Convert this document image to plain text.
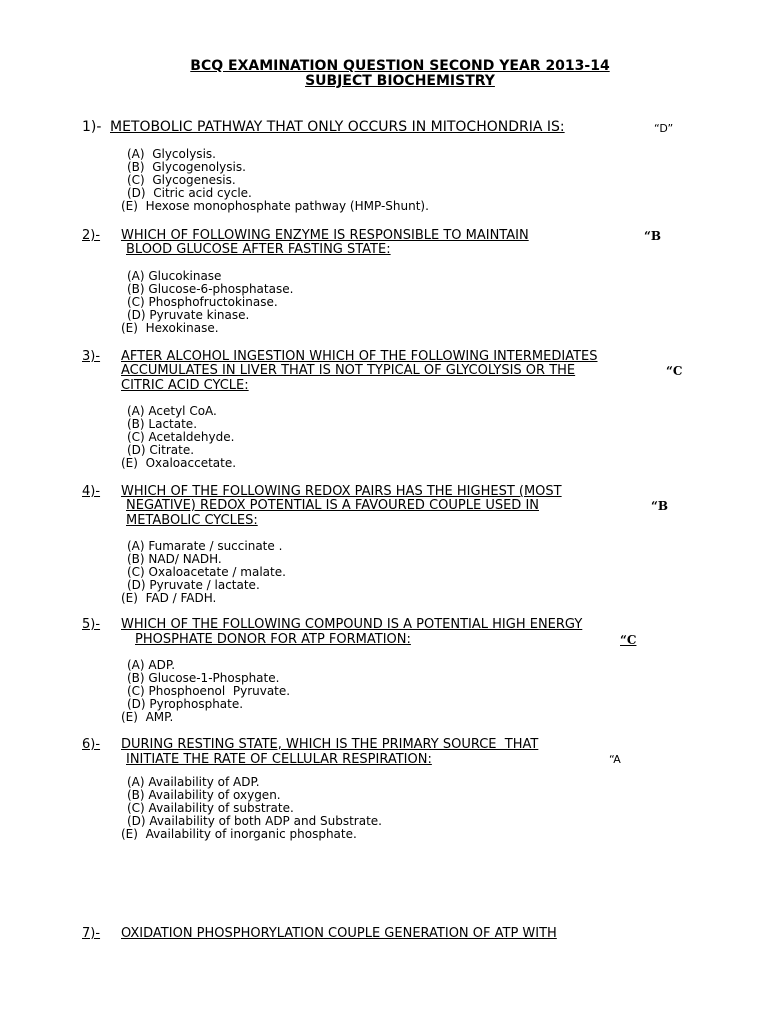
BCQ EXAMINATION QUESTION SECOND YEAR 2013-14
SUBJECT BIOCHEMISTRY
1)- METOBOLIC PATHWAY THAT ONLY OCCURS IN MITOCHONDRIA IS:	“D”
(A)  Glycolysis.
(B)  Glycogenolysis.
(C)  Glycogenesis.
(D)  Citric acid cycle.
(E)  Hexose monophosphate pathway (HMP-Shunt).
2)- WHICH OF FOLLOWING ENZYME IS RESPONSIBLE TO MAINTAIN
BLOOD GLUCOSE AFTER FASTING STATE:
“B
(A) Glucokinase
(B) Glucose-6-phosphatase.
(C) Phosphofructokinase.
(D) Pyruvate kinase.
(E)  Hexokinase.
3)- AFTER ALCOHOL INGESTION WHICH OF THE FOLLOWING INTERMEDIATES
ACCUMULATES IN LIVER THAT IS NOT TYPICAL OF GLYCOLYSIS OR THE
CITRIC ACID CYCLE:
“C
(A) Acetyl CoA.
(B) Lactate.
(C) Acetaldehyde.
(D) Citrate.
(E)  Oxaloaccetate.
4)- WHICH OF THE FOLLOWING REDOX PAIRS HAS THE HIGHEST (MOST
NEGATIVE) REDOX POTENTIAL IS A FAVOURED COUPLE USED IN
METABOLIC CYCLES:
“B
(A) Fumarate / succinate .
(B) NAD/ NADH.
(C) Oxaloacetate / malate.
(D) Pyruvate / lactate.
(E)  FAD / FADH.
5)- WHICH OF THE FOLLOWING COMPOUND IS A POTENTIAL HIGH ENERGY
PHOSPHATE DONOR FOR ATP FORMATION:	“C
(A) ADP.
(B) Glucose-1-Phosphate.
(C) Phosphoenol  Pyruvate.
(D) Pyrophosphate.
(E)  AMP.
6)- DURING RESTING STATE, WHICH IS THE PRIMARY SOURCE  THAT
INITIATE THE RATE OF CELLULAR RESPIRATION:	“A
(A) Availability of ADP.
(B) Availability of oxygen.
(C) Availability of substrate.
(D) Availability of both ADP and Substrate.
(E)  Availability of inorganic phosphate.
7)- OXIDATION PHOSPHORYLATION COUPLE GENERATION OF ATP WITH
